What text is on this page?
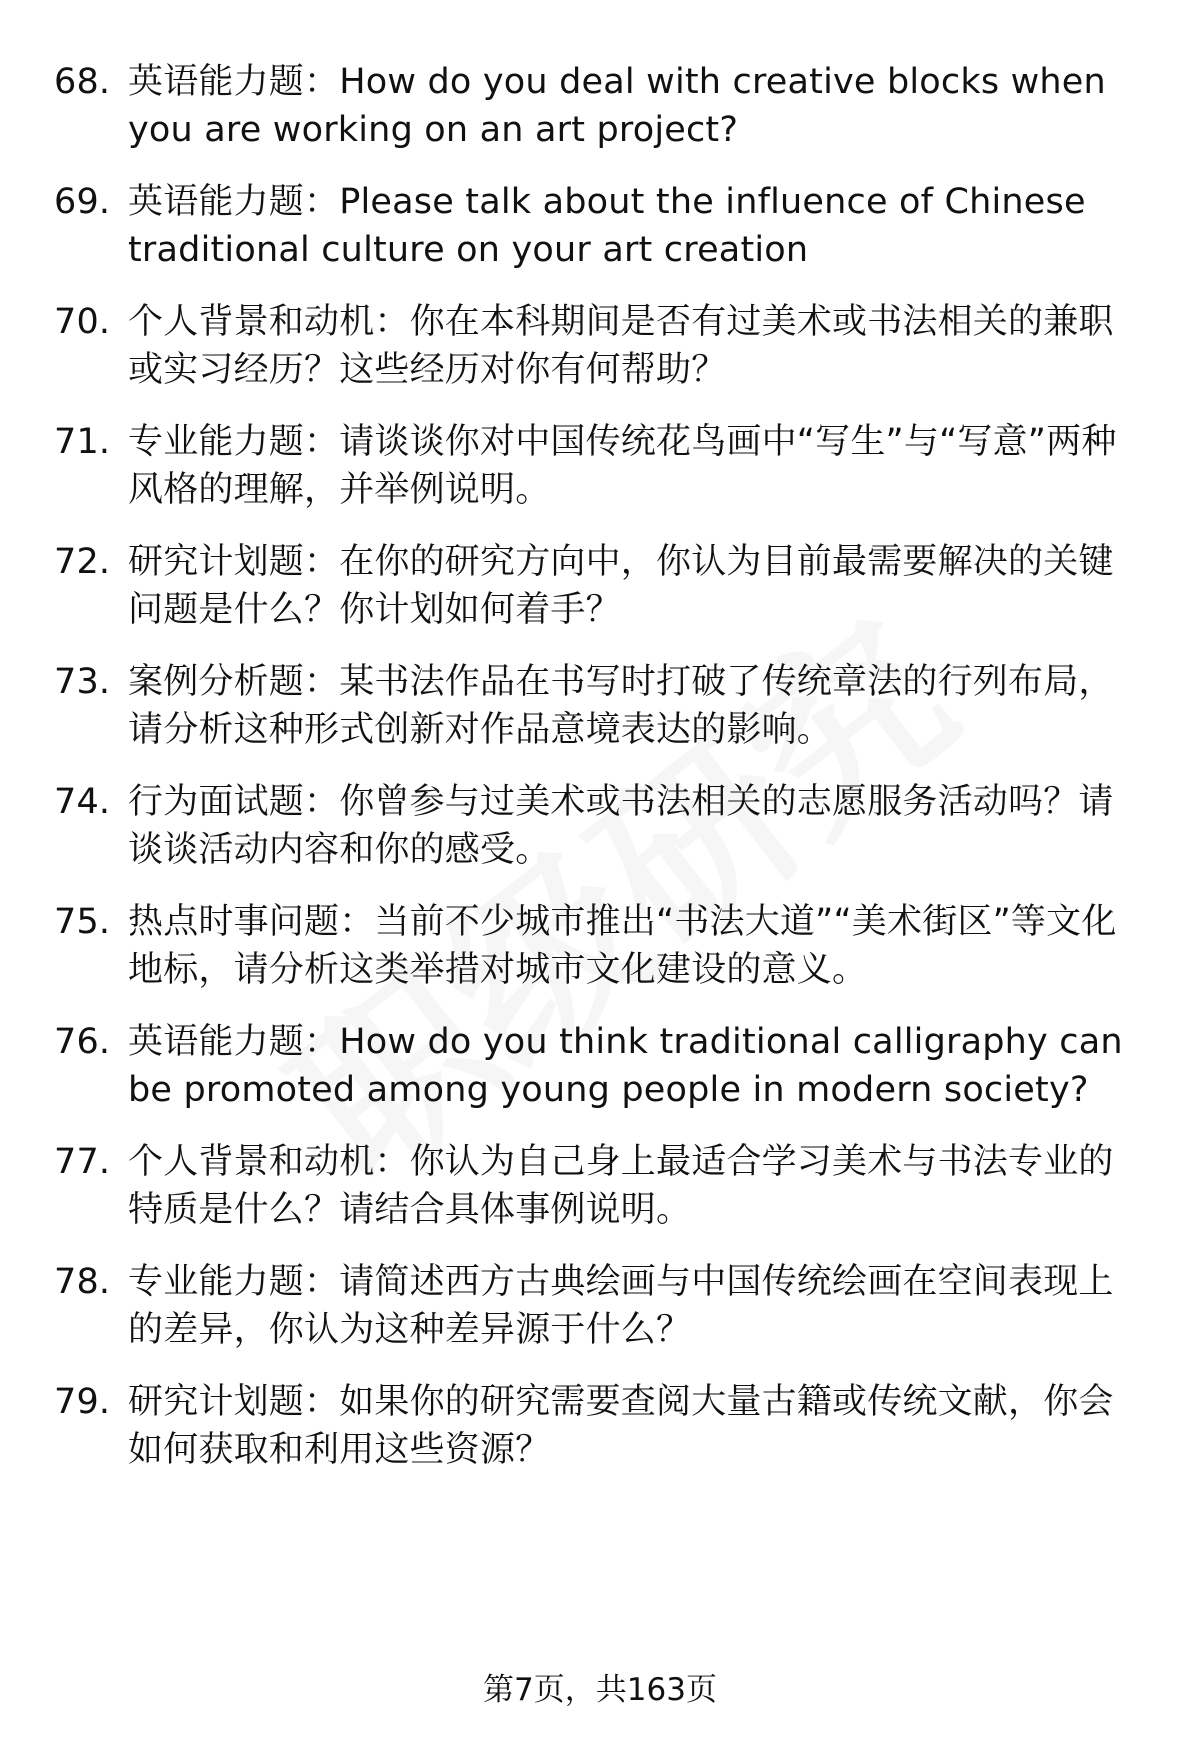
68. 英语能力题：How do you deal with creative blocks when you are working on an art project?
69. 英语能力题：Please talk about the influence of Chinese traditional culture on your art creation
70. 个人背景和动机：你在本科期间是否有过美术或书法相关的兼职或实习经历？这些经历对你有何帮助？
71. 专业能力题：请谈谈你对中国传统花鸟画中“写生”与“写意”两种风格的理解，并举例说明。
72. 研究计划题：在你的研究方向中，你认为目前最需要解决的关键问题是什么？你计划如何着手？
73. 案例分析题：某书法作品在书写时打破了传统章法的行列布局，请分析这种形式创新对作品意境表达的影响。
74. 行为面试题：你曾参与过美术或书法相关的志愿服务活动吗？请谈谈活动内容和你的感受。
75. 热点时事问题：当前不少城市推出“书法大道”“美术街区”等文化地标，请分析这类举措对城市文化建设的意义。
76. 英语能力题：How do you think traditional calligraphy can be promoted among young people in modern society?
77. 个人背景和动机：你认为自己身上最适合学习美术与书法专业的特质是什么？请结合具体事例说明。
78. 专业能力题：请简述西方古典绘画与中国传统绘画在空间表现上的差异，你认为这种差异源于什么？
79. 研究计划题：如果你的研究需要查阅大量古籍或传统文献，你会如何获取和利用这些资源？
第7页，共163页
